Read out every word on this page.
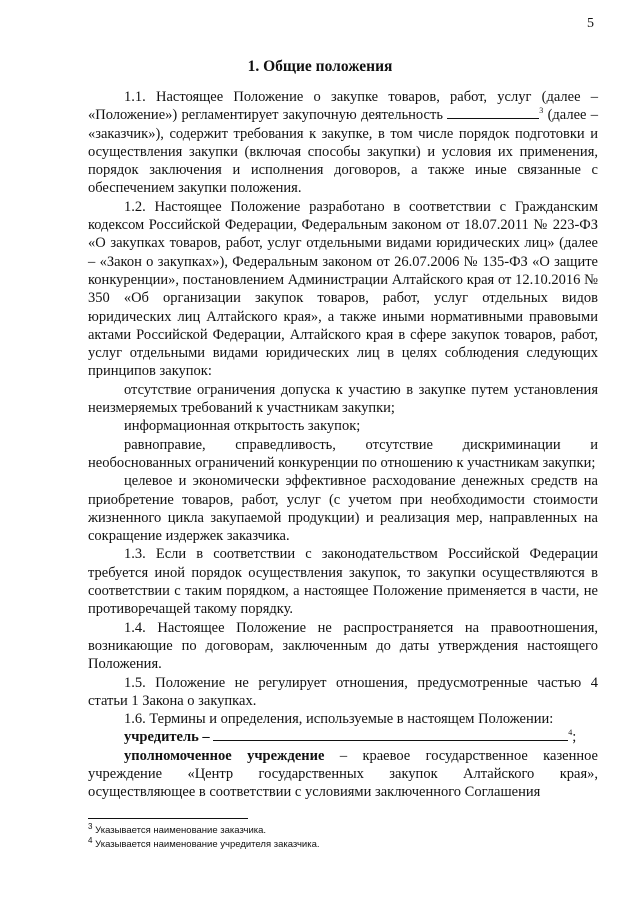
5
1. Общие положения

1.1. Настоящее Положение о закупке товаров, работ, услуг (далее – «Положение») регламентирует закупочную деятельность	$^3$ (далее – «заказчик»), содержит требования к закупке, в том числе порядок подготовки и осуществления закупки (включая способы закупки) и условия их применения, порядок заключения и исполнения договоров, а также иные связанные с обеспечением закупки положения.

1.2. Настоящее Положение разработано в соответствии с Гражданским кодексом Российской Федерации, Федеральным законом от 18.07.2011 № 223-ФЗ «О закупках товаров, работ, услуг отдельными видами юридических лиц» (далее – «Закон о закупках»), Федеральным законом от 26.07.2006 № 135-ФЗ «О защите конкуренции», постановлением Администрации Алтайского края от 12.10.2016 № 350 «Об организации закупок товаров, работ, услуг отдельных видов юридических лиц Алтайского края», а также иными нормативными правовыми актами Российской Федерации, Алтайского края в сфере закупок товаров, работ, услуг отдельными видами юридических лиц в целях соблюдения следующих принципов закупок:

отсутствие ограничения допуска к участию в закупке путем установления неизмеряемых требований к участникам закупки;

информационная открытость закупок;

равноправие, справедливость, отсутствие дискриминации и необоснованных ограничений конкуренции по отношению к участникам закупки;

целевое и экономически эффективное расходование денежных средств на приобретение товаров, работ, услуг (с учетом при необходимости стоимости жизненного цикла закупаемой продукции) и реализация мер, направленных на сокращение издержек заказчика.

1.3. Если в соответствии с законодательством Российской Федерации требуется иной порядок осуществления закупок, то закупки осуществляются в соответствии с таким порядком, а настоящее Положение применяется в части, не противоречащей такому порядку.

1.4. Настоящее Положение не распространяется на правоотношения, возникающие по договорам, заключенным до даты утверждения настоящего Положения.

1.5. Положение не регулирует отношения, предусмотренные частью 4 статьи 1 Закона о закупках.

1.6. Термины и определения, используемые в настоящем Положении:

учредитель –	$^4$;

уполномоченное учреждение – краевое государственное казенное учреждение «Центр государственных закупок Алтайского края», осуществляющее в соответствии с условиями заключенного Соглашения

$^3$ Указывается наименование заказчика.
$^4$ Указывается наименование учредителя заказчика.
